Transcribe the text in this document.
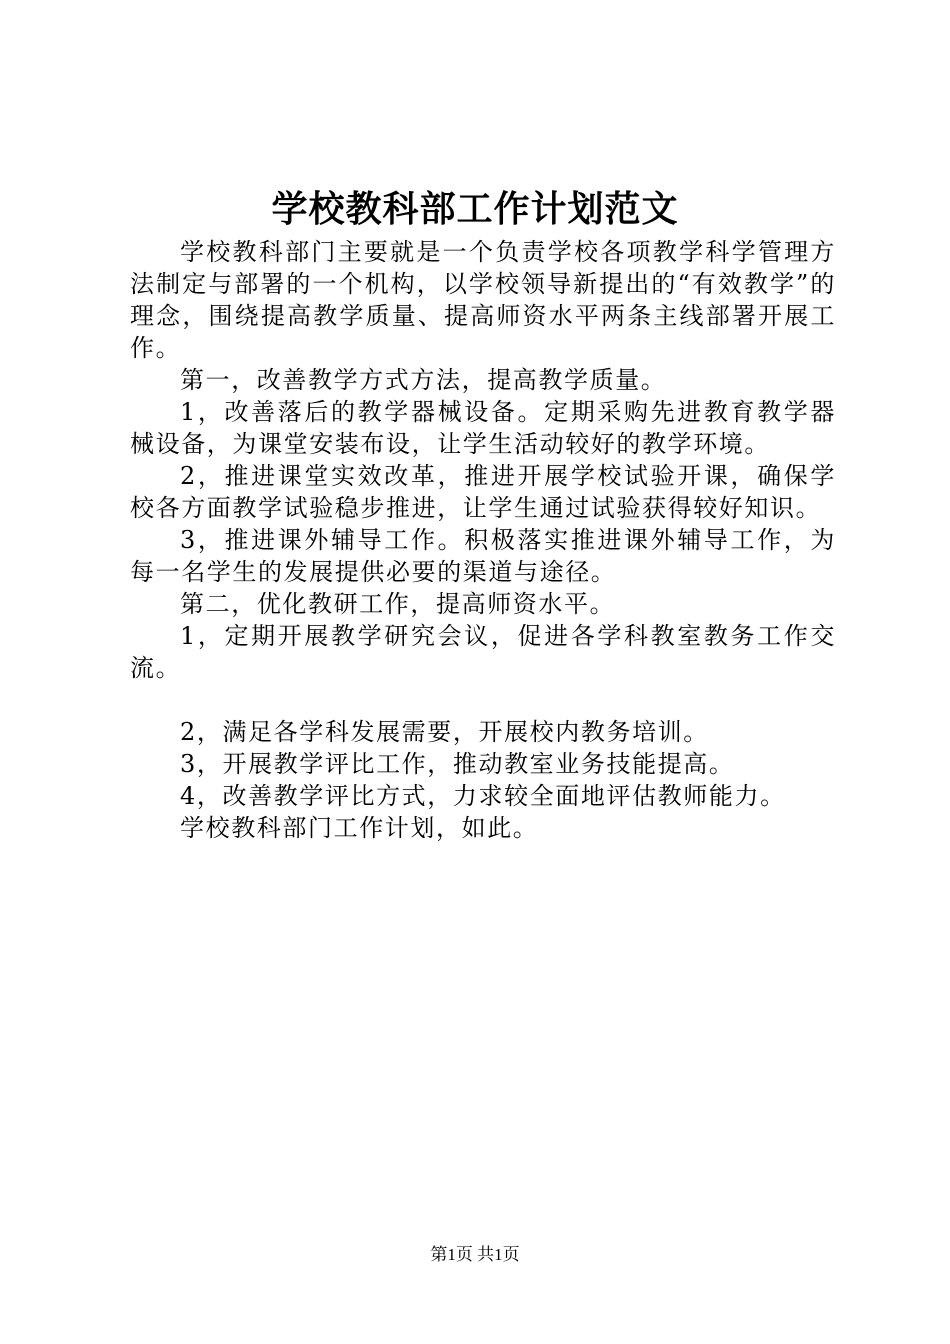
学校教科部工作计划范文

学校教科部门主要就是一个负责学校各项教学科学管理方法制定与部署的一个机构，以学校领导新提出的“有效教学”的理念，围绕提高教学质量、提高师资水平两条主线部署开展工作。

第一，改善教学方式方法，提高教学质量。

1，改善落后的教学器械设备。定期采购先进教育教学器械设备，为课堂安装布设，让学生活动较好的教学环境。

2，推进课堂实效改革，推进开展学校试验开课，确保学校各方面教学试验稳步推进，让学生通过试验获得较好知识。

3，推进课外辅导工作。积极落实推进课外辅导工作，为每一名学生的发展提供必要的渠道与途径。

第二，优化教研工作，提高师资水平。

1，定期开展教学研究会议，促进各学科教室教务工作交流。

2，满足各学科发展需要，开展校内教务培训。

3，开展教学评比工作，推动教室业务技能提高。

4，改善教学评比方式，力求较全面地评估教师能力。

学校教科部门工作计划，如此。

第1页 共1页
